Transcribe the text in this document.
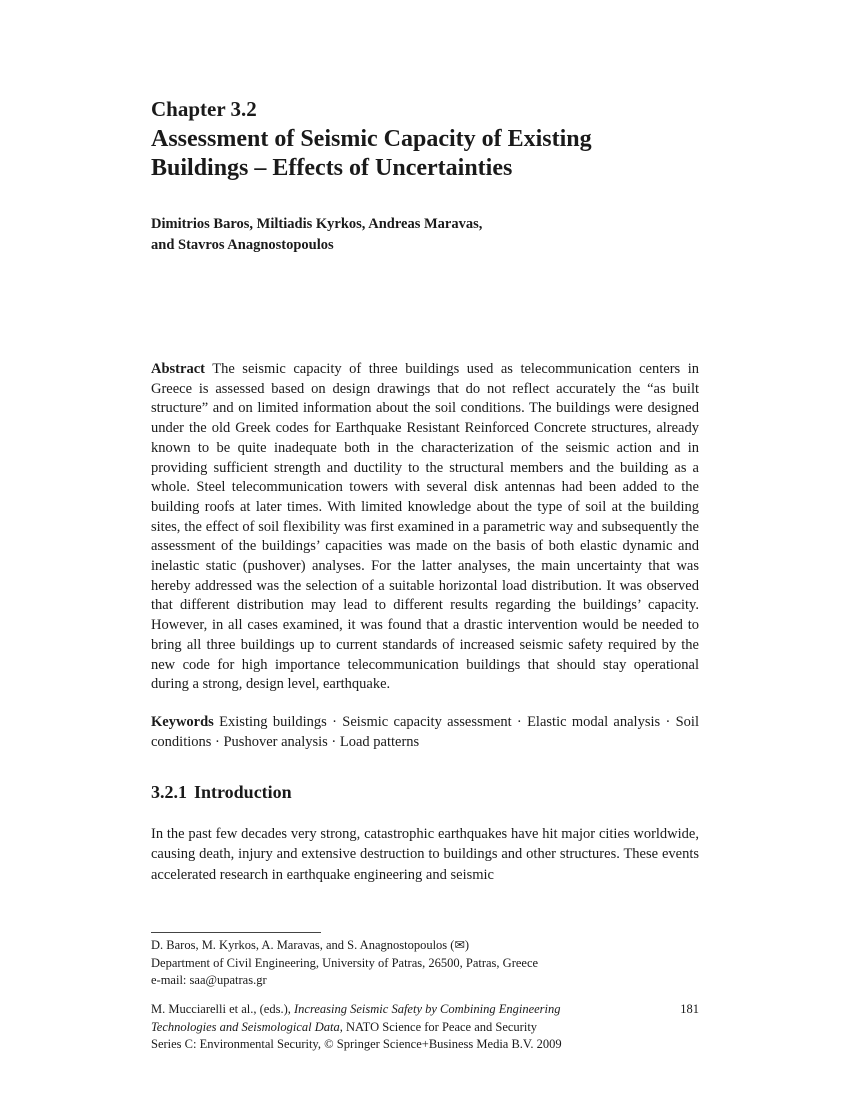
Chapter 3.2
Assessment of Seismic Capacity of Existing
Buildings – Effects of Uncertainties
Dimitrios Baros, Miltiadis Kyrkos, Andreas Maravas,
and Stavros Anagnostopoulos

Abstract The seismic capacity of three buildings used as telecommunication centers in Greece is assessed based on design drawings that do not reflect accurately the “as built structure” and on limited information about the soil conditions. The buildings were designed under the old Greek codes for Earthquake Resistant Reinforced Concrete structures, already known to be quite inadequate both in the characterization of the seismic action and in providing sufficient strength and ductility to the structural members and the building as a whole. Steel telecommunication towers with several disk antennas had been added to the building roofs at later times. With limited knowledge about the type of soil at the building sites, the effect of soil flexibility was first examined in a parametric way and subsequently the assessment of the buildings’ capacities was made on the basis of both elastic dynamic and inelastic static (pushover) analyses. For the latter analyses, the main uncertainty that was hereby addressed was the selection of a suitable horizontal load distribution. It was observed that different distribution may lead to different results regarding the buildings’ capacity. However, in all cases examined, it was found that a drastic intervention would be needed to bring all three buildings up to current standards of increased seismic safety required by the new code for high importance telecommunication buildings that should stay operational during a strong, design level, earthquake.

Keywords Existing buildings · Seismic capacity assessment · Elastic modal analysis · Soil conditions · Pushover analysis · Load patterns

3.2.1 Introduction

In the past few decades very strong, catastrophic earthquakes have hit major cities worldwide, causing death, injury and extensive destruction to buildings and other structures. These events accelerated research in earthquake engineering and seismic

D. Baros, M. Kyrkos, A. Maravas, and S. Anagnostopoulos (✉)
Department of Civil Engineering, University of Patras, 26500, Patras, Greece
e-mail: saa@upatras.gr
M. Mucciarelli et al., (eds.), Increasing Seismic Safety by Combining Engineering
Technologies and Seismological Data, NATO Science for Peace and Security
Series C: Environmental Security, © Springer Science+Business Media B.V. 2009
181
